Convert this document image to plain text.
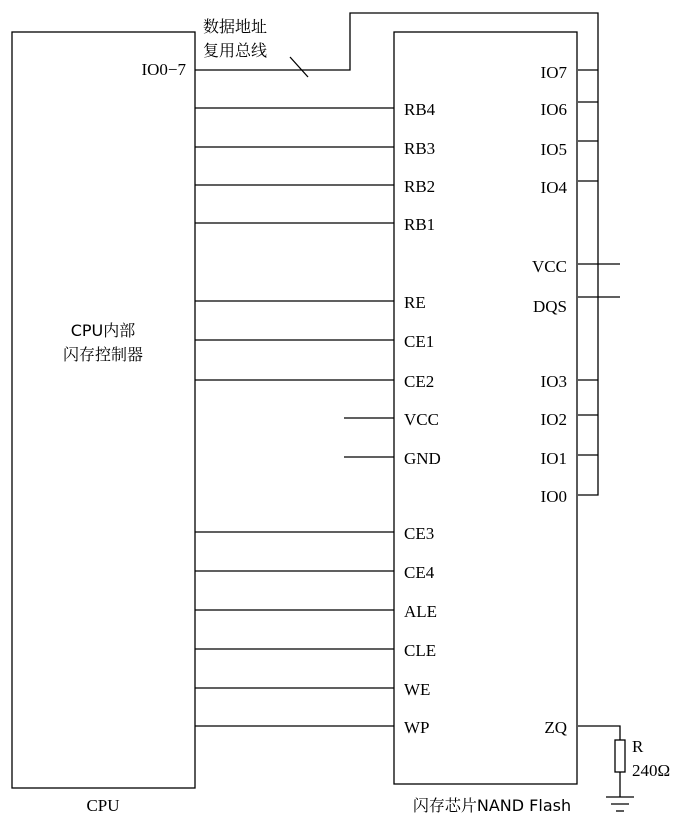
CPU内部
闪存控制器
CPU
IO0−7
闪存芯片NAND Flash
数据地址
复用总线
RB4
RB3
RB2
RB1
RE
CE1
CE2
VCC
GND
CE3
CE4
ALE
CLE
WE
WP
IO7
IO6
IO5
IO4
VCC
DQS
IO3
IO2
IO1
IO0
ZQ
R
240Ω
